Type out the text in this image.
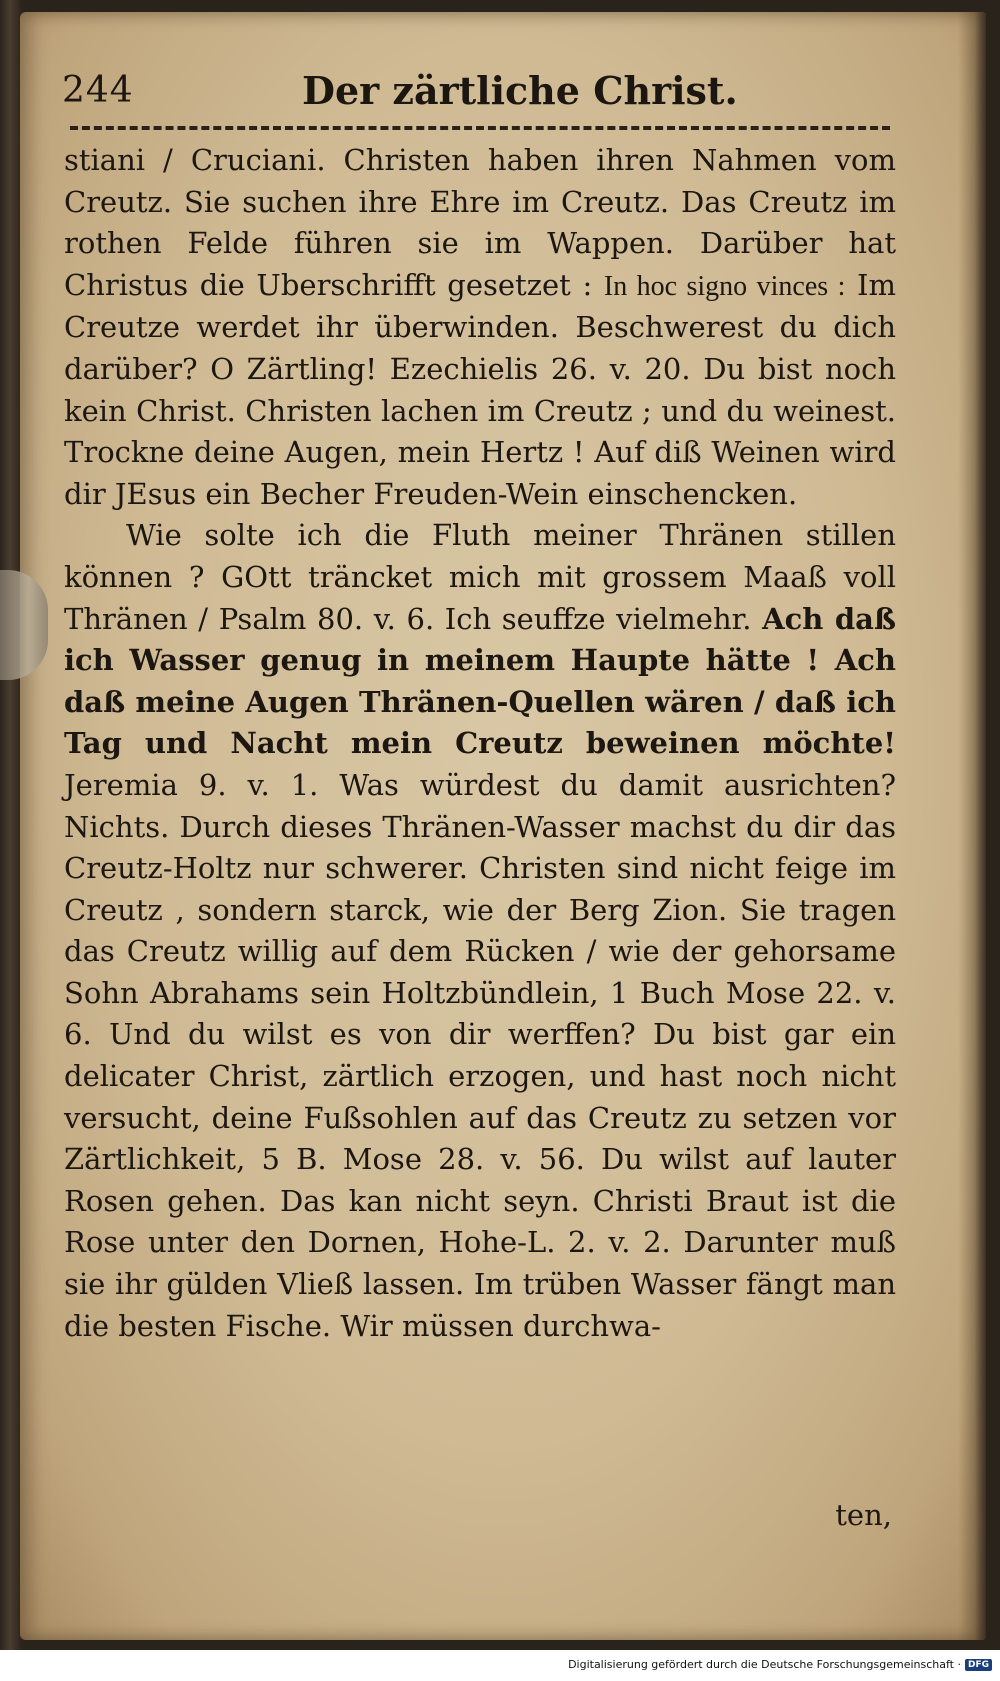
244	Der zärtliche Christ.

stiani / Cruciani. Christen haben ihren Nahmen vom Creutz. Sie suchen ihre Ehre im Creutz. Das Creutz im rothen Felde führen sie im Wappen. Darüber hat Christus die Uberschrifft gesetzet : In hoc signo vinces : Im Creutze werdet ihr überwinden. Beschwerest du dich darüber? O Zärtling! Ezechielis 26. v. 20. Du bist noch kein Christ. Christen lachen im Creutz ; und du weinest. Trockne deine Augen, mein Hertz ! Auf diß Weinen wird dir JEsus ein Becher Freuden-Wein einschencken.

Wie solte ich die Fluth meiner Thränen stillen können ? GOtt träncket mich mit grossem Maaß voll Thränen / Psalm 80. v. 6. Ich seuffze vielmehr. Ach daß ich Wasser genug in meinem Haupte hätte ! Ach daß meine Augen Thränen-Quellen wären / daß ich Tag und Nacht mein Creutz beweinen möchte! Jeremia 9. v. 1. Was würdest du damit ausrichten? Nichts. Durch dieses Thränen-Wasser machst du dir das Creutz-Holtz nur schwerer. Christen sind nicht feige im Creutz , sondern starck, wie der Berg Zion. Sie tragen das Creutz willig auf dem Rücken / wie der gehorsame Sohn Abrahams sein Holtzbündlein, 1 Buch Mose 22. v. 6. Und du wilst es von dir werffen? Du bist gar ein delicater Christ, zärtlich erzogen, und hast noch nicht versucht, deine Fußsohlen auf das Creutz zu setzen vor Zärtlichkeit, 5 B. Mose 28. v. 56. Du wilst auf lauter Rosen gehen. Das kan nicht seyn. Christi Braut ist die Rose unter den Dornen, Hohe-L. 2. v. 2. Darunter muß sie ihr gülden Vließ lassen. Im trüben Wasser fängt man die besten Fische. Wir müssen durchwa-

ten,
Digitalisierung gefördert durch die Deutsche Forschungsgemeinschaft · DFG
